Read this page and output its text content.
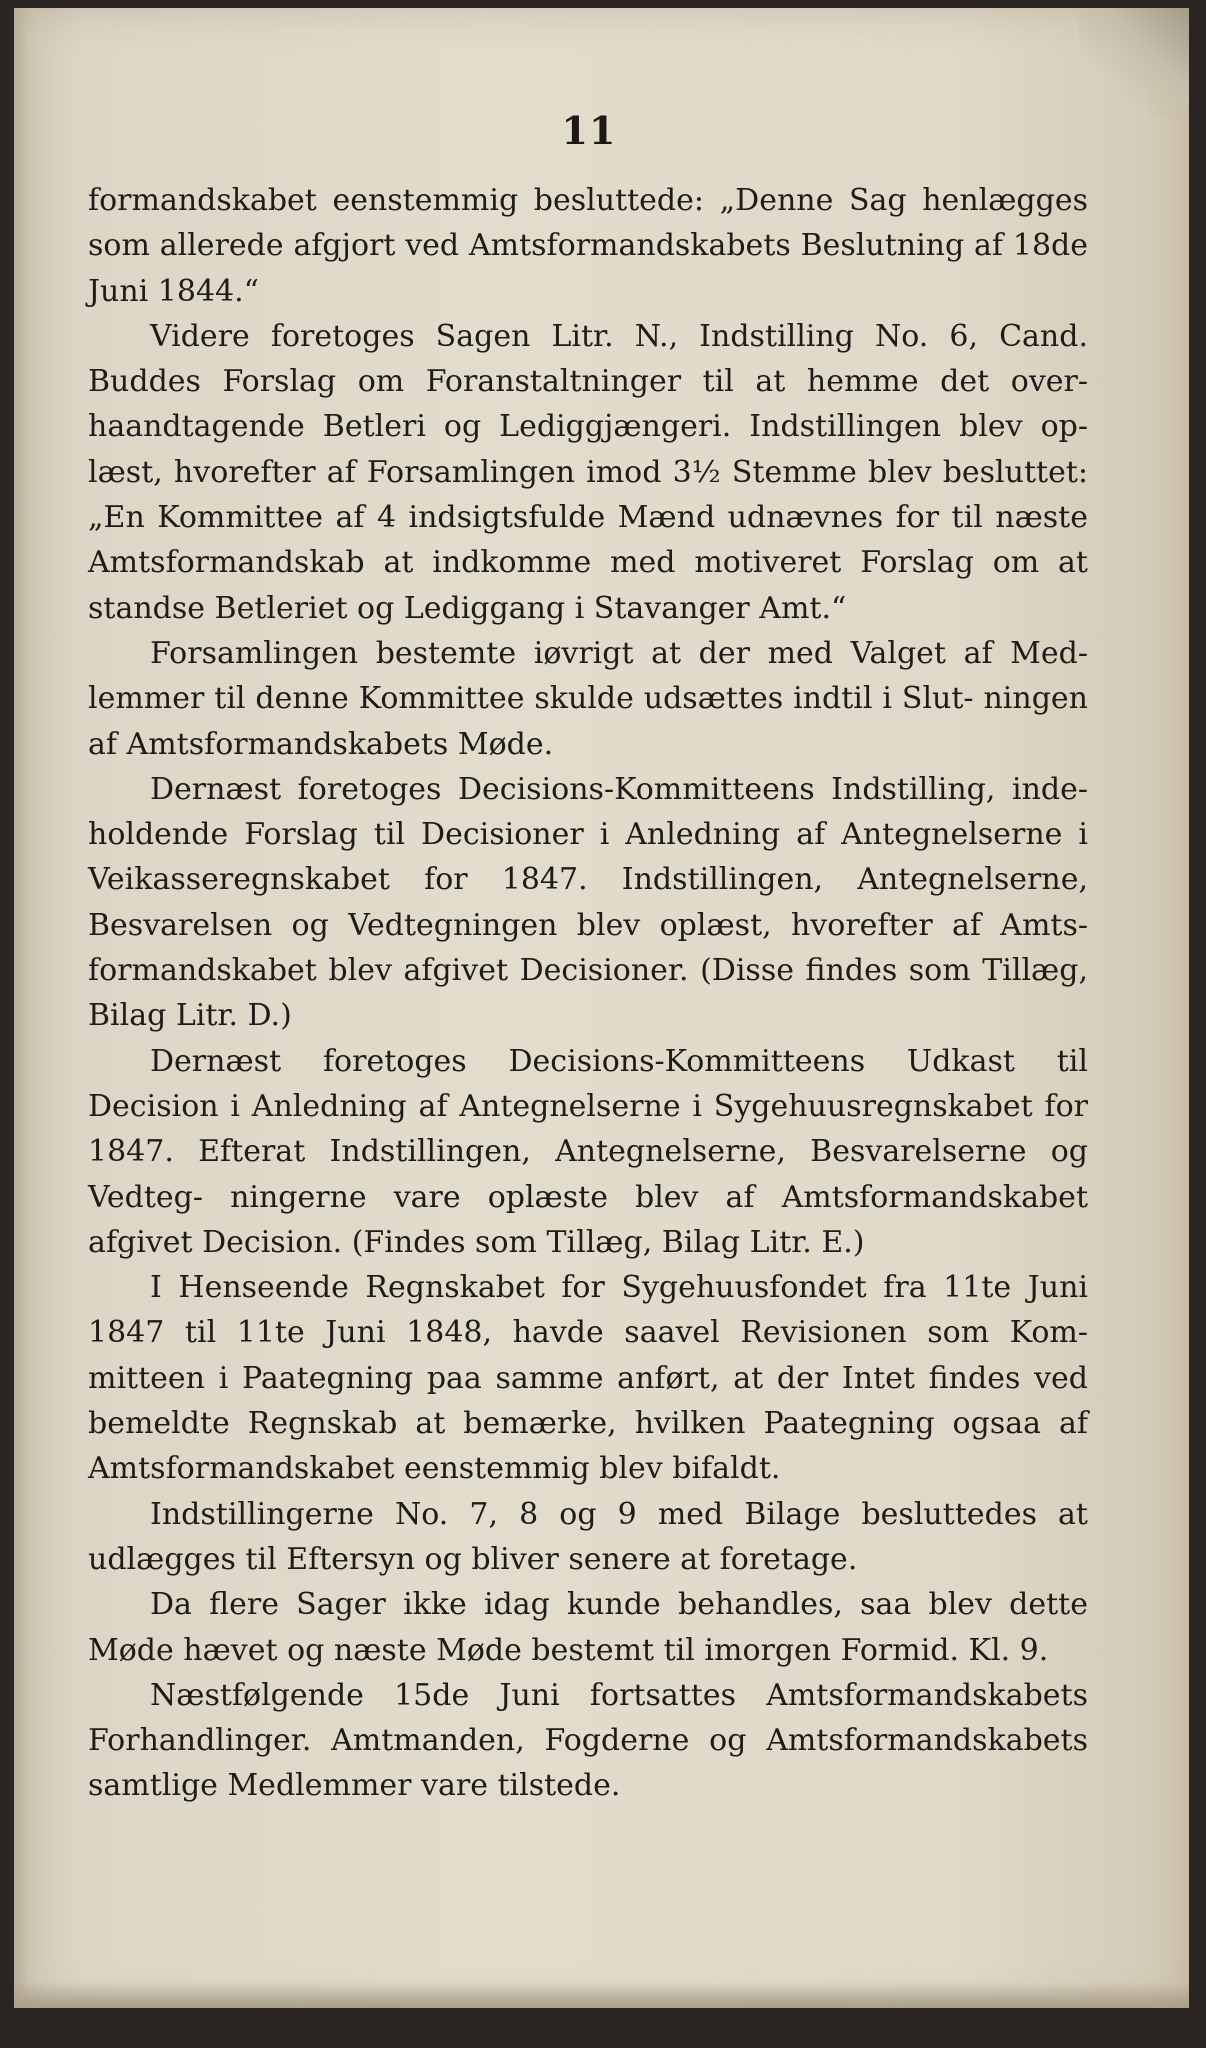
11

formandskabet eenstemmig besluttede: „Denne Sag henlægges som allerede afgjort ved Amtsformandskabets Beslutning af 18de Juni 1844.“

Videre foretoges Sagen Litr. N., Indstilling No. 6, Cand. Buddes Forslag om Foranstaltninger til at hemme det over- haandtagende Betleri og Lediggjængeri. Indstillingen blev op- læst, hvorefter af Forsamlingen imod 3½ Stemme blev besluttet: „En Kommittee af 4 indsigtsfulde Mænd udnævnes for til næste Amtsformandskab at indkomme med motiveret Forslag om at standse Betleriet og Lediggang i Stavanger Amt.“

Forsamlingen bestemte iøvrigt at der med Valget af Med- lemmer til denne Kommittee skulde udsættes indtil i Slut- ningen af Amtsformandskabets Møde.

Dernæst foretoges Decisions-Kommitteens Indstilling, inde- holdende Forslag til Decisioner i Anledning af Antegnelserne i Veikasseregnskabet for 1847. Indstillingen, Antegnelserne, Besvarelsen og Vedtegningen blev oplæst, hvorefter af Amts- formandskabet blev afgivet Decisioner. (Disse findes som Tillæg, Bilag Litr. D.)

Dernæst foretoges Decisions-Kommitteens Udkast til Decision i Anledning af Antegnelserne i Sygehuusregnskabet for 1847. Efterat Indstillingen, Antegnelserne, Besvarelserne og Vedteg- ningerne vare oplæste blev af Amtsformandskabet afgivet Decision. (Findes som Tillæg, Bilag Litr. E.)

I Henseende Regnskabet for Sygehuusfondet fra 11te Juni 1847 til 11te Juni 1848, havde saavel Revisionen som Kom- mitteen i Paategning paa samme anført, at der Intet findes ved bemeldte Regnskab at bemærke, hvilken Paategning ogsaa af Amtsformandskabet eenstemmig blev bifaldt.

Indstillingerne No. 7, 8 og 9 med Bilage besluttedes at udlægges til Eftersyn og bliver senere at foretage.

Da flere Sager ikke idag kunde behandles, saa blev dette Møde hævet og næste Møde bestemt til imorgen Formid. Kl. 9.

Næstfølgende 15de Juni fortsattes Amtsformandskabets Forhandlinger. Amtmanden, Fogderne og Amtsformandskabets samtlige Medlemmer vare tilstede.
